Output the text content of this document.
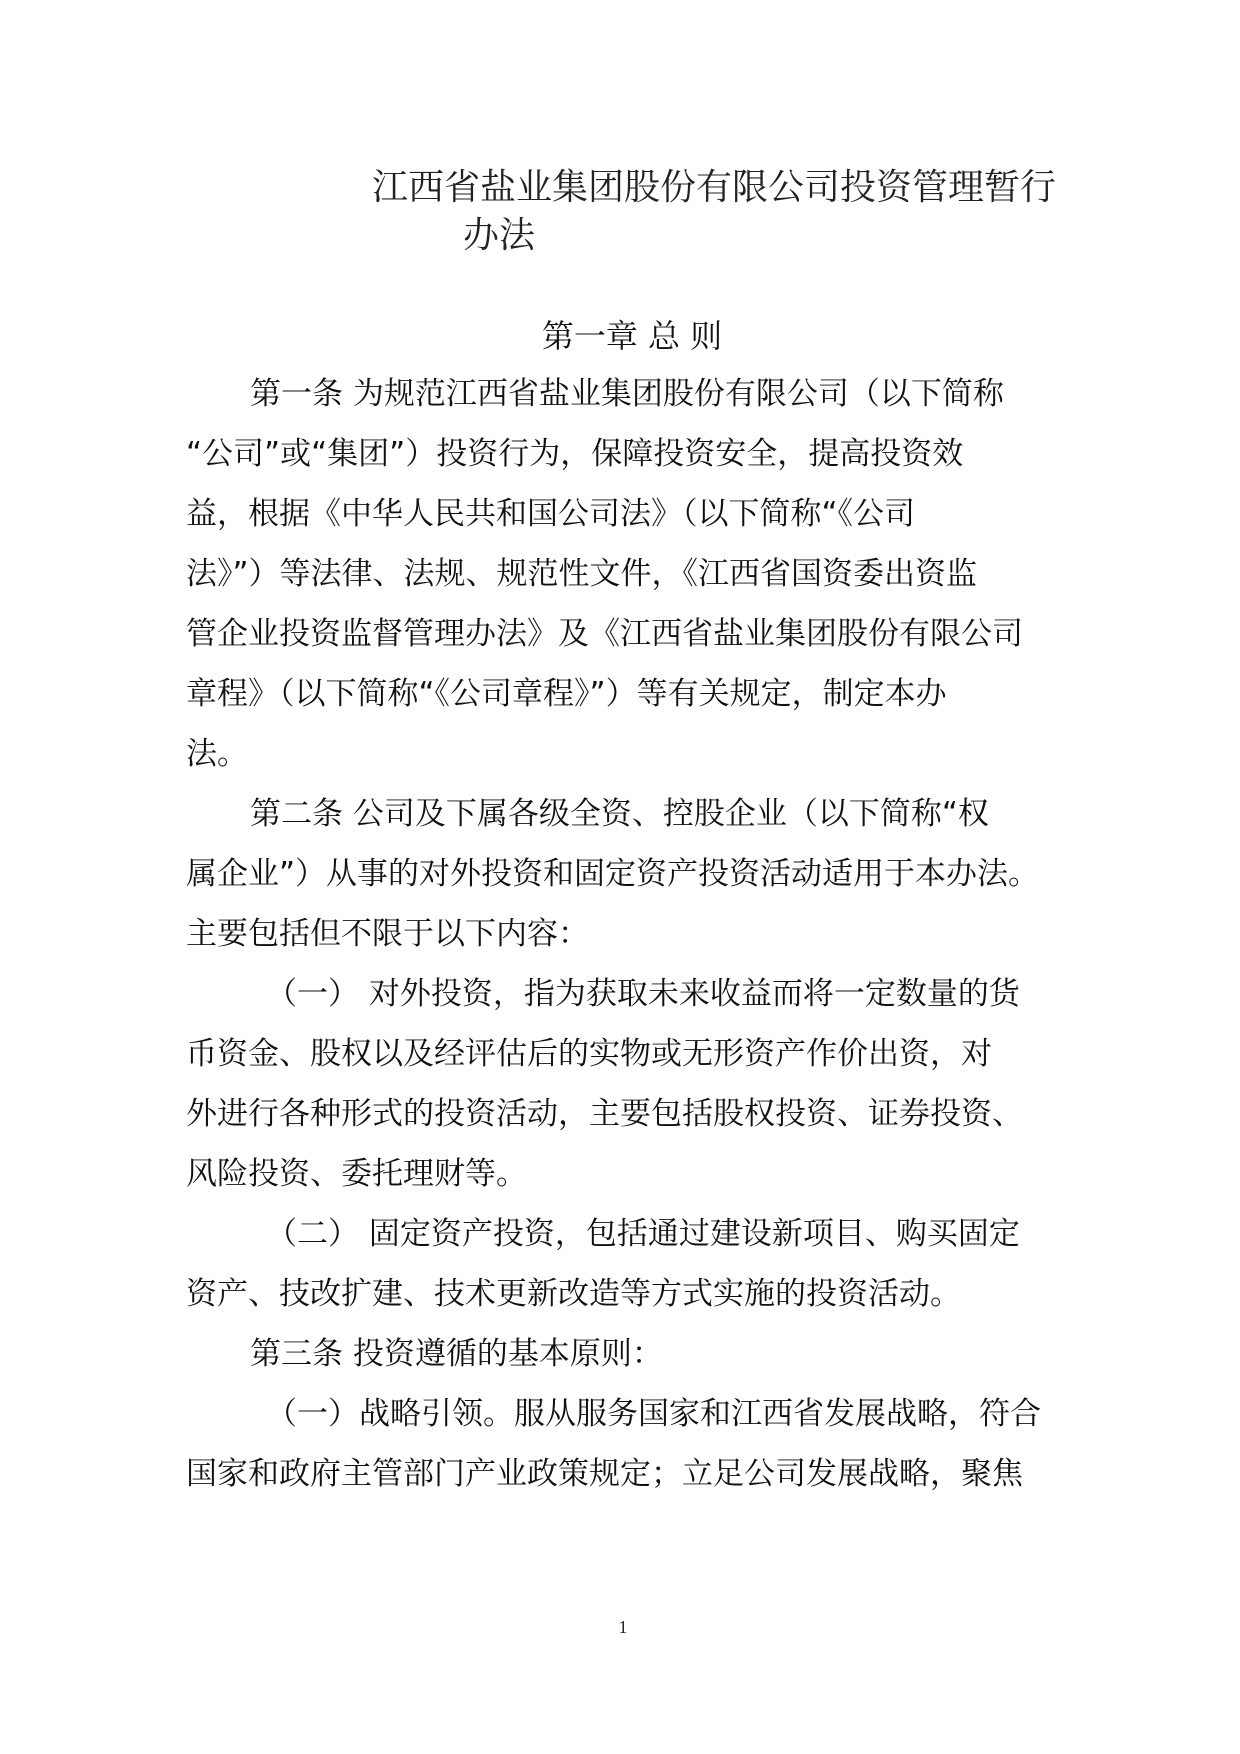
江西省盐业集团股份有限公司投资管理暂行
办法
第一章 总 则
第一条 为规范江西省盐业集团股份有限公司（以下简称
“公司”或“集团”）投资行为，保障投资安全，提高投资效
益，根据《中华人民共和国公司法》（以下简称“《公司
法》”）等法律、法规、规范性文件，《江西省国资委出资监
管企业投资监督管理办法》及《江西省盐业集团股份有限公司
章程》（以下简称“《公司章程》”）等有关规定，制定本办
法。
第二条 公司及下属各级全资、控股企业（以下简称“权
属企业”）从事的对外投资和固定资产投资活动适用于本办法。
主要包括但不限于以下内容：
（一） 对外投资，指为获取未来收益而将一定数量的货
币资金、股权以及经评估后的实物或无形资产作价出资，对
外进行各种形式的投资活动，主要包括股权投资、证券投资、
风险投资、委托理财等。
（二） 固定资产投资，包括通过建设新项目、购买固定
资产、技改扩建、技术更新改造等方式实施的投资活动。
第三条 投资遵循的基本原则：
（一）战略引领。服从服务国家和江西省发展战略，符合
国家和政府主管部门产业政策规定；立足公司发展战略，聚焦
1
